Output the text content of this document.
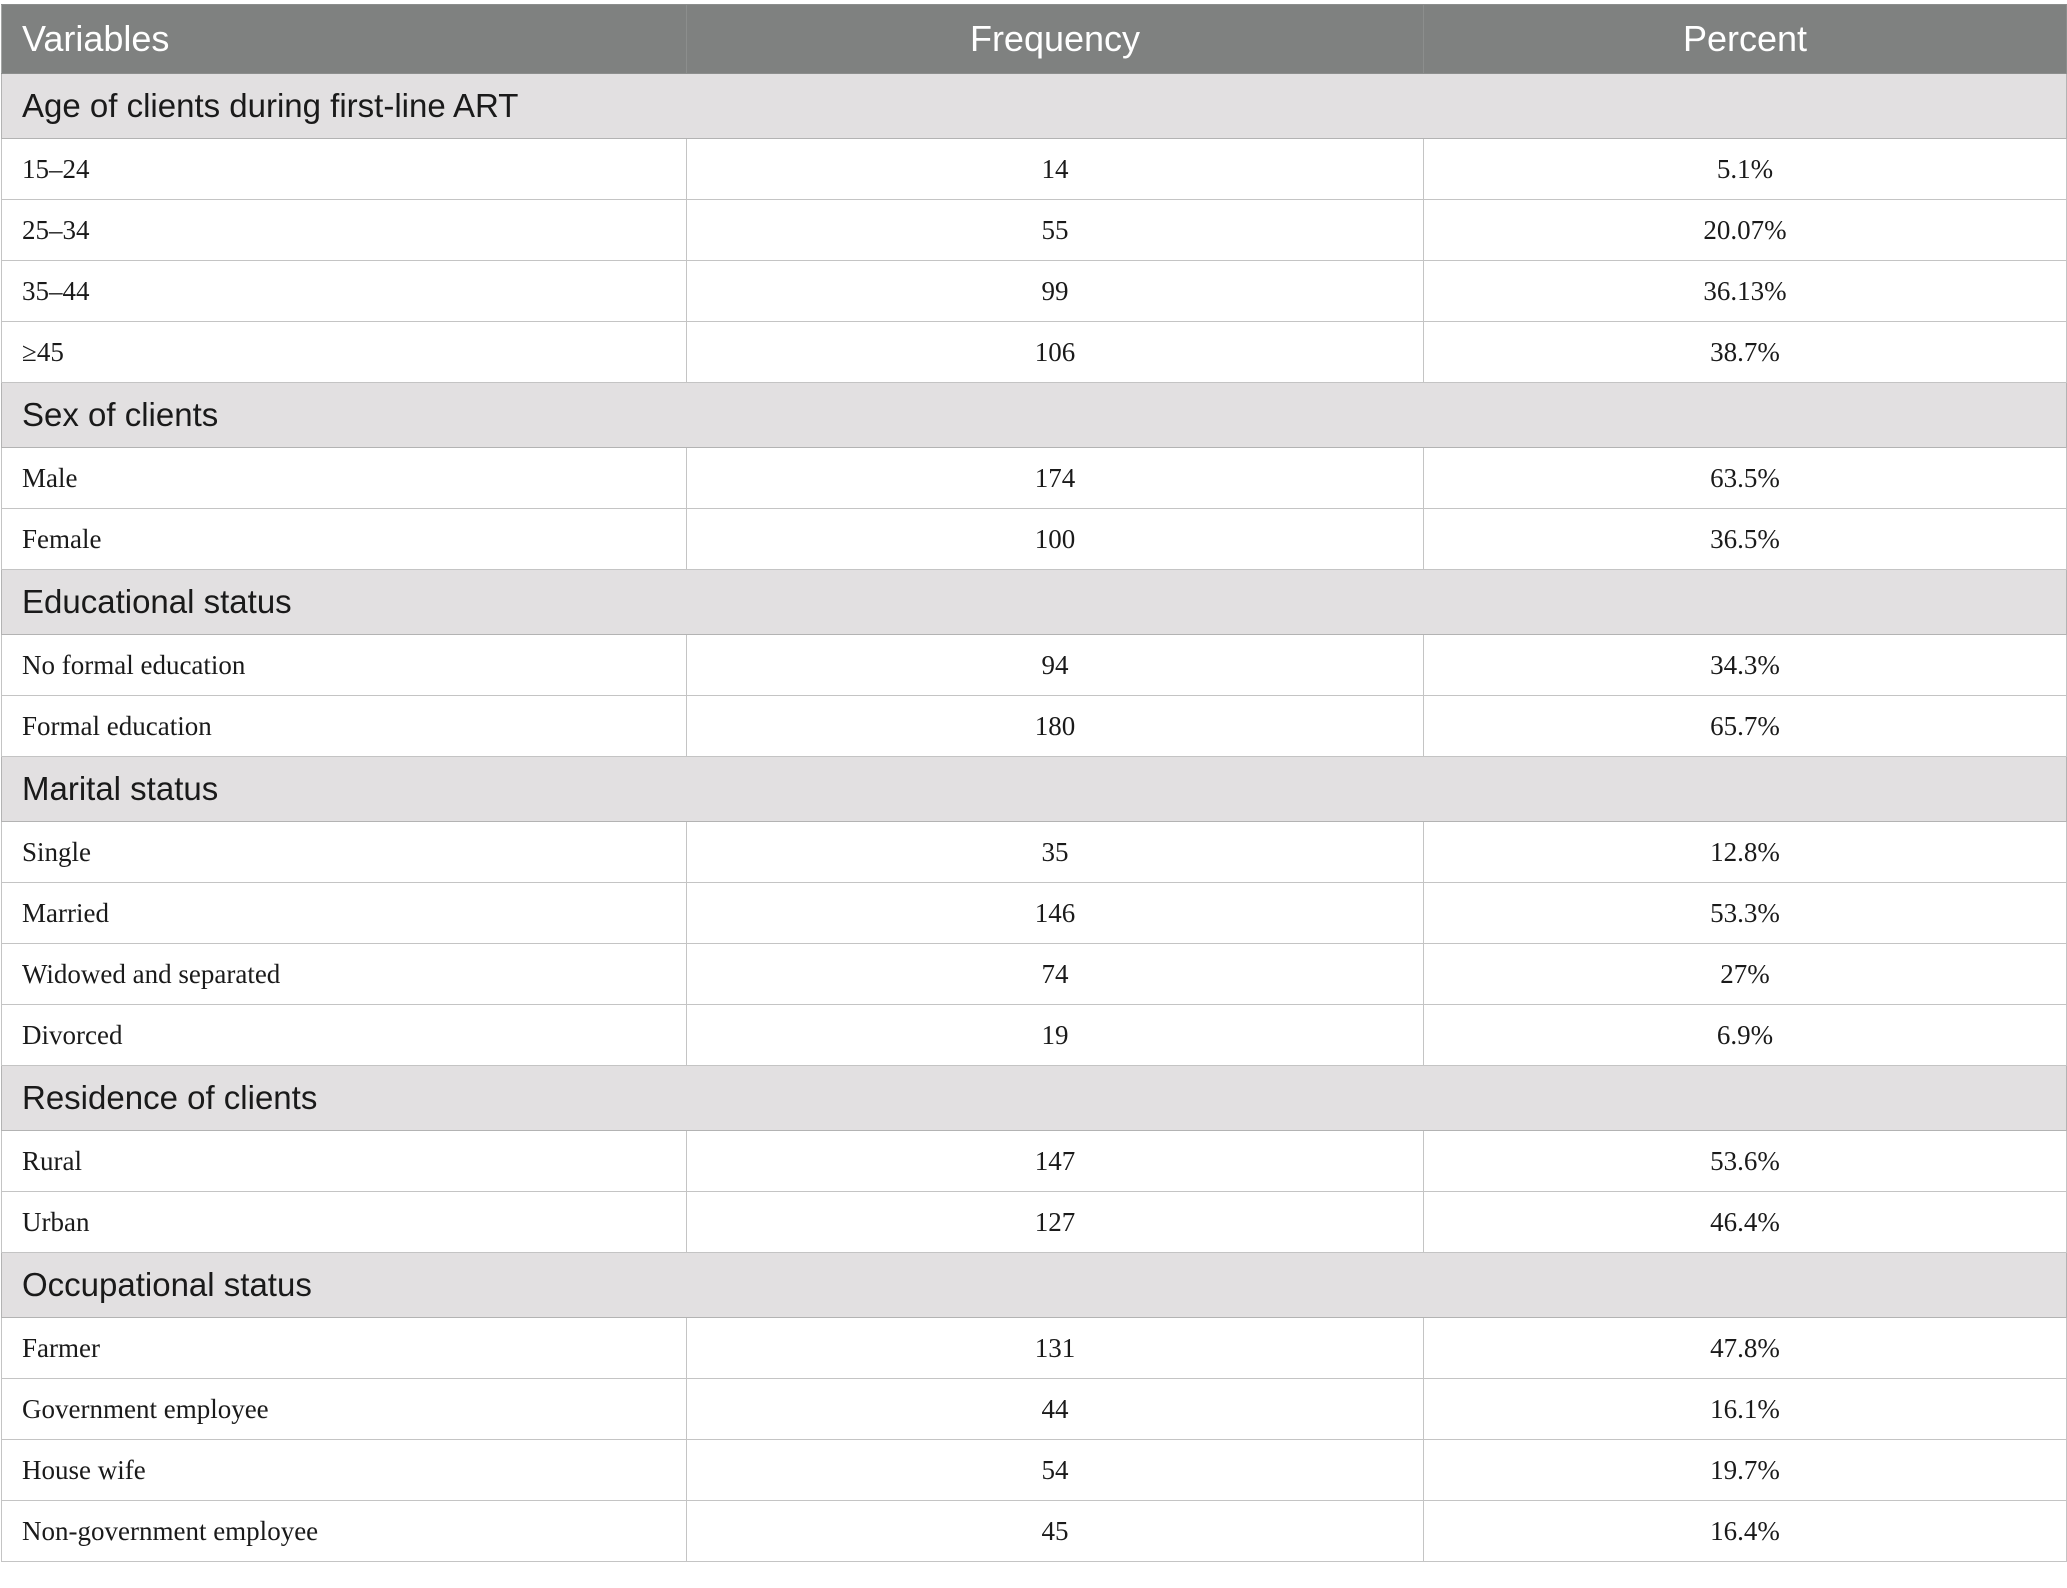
Variables	Frequency	Percent
Age of clients during first-line ART		
15–24	14	5.1%
25–34	55	20.07%
35–44	99	36.13%
≥45	106	38.7%
Sex of clients		
Male	174	63.5%
Female	100	36.5%
Educational status		
No formal education	94	34.3%
Formal education	180	65.7%
Marital status		
Single	35	12.8%
Married	146	53.3%
Widowed and separated	74	27%
Divorced	19	6.9%
Residence of clients		
Rural	147	53.6%
Urban	127	46.4%
Occupational status		
Farmer	131	47.8%
Government employee	44	16.1%
House wife	54	19.7%
Non-government employee	45	16.4%
